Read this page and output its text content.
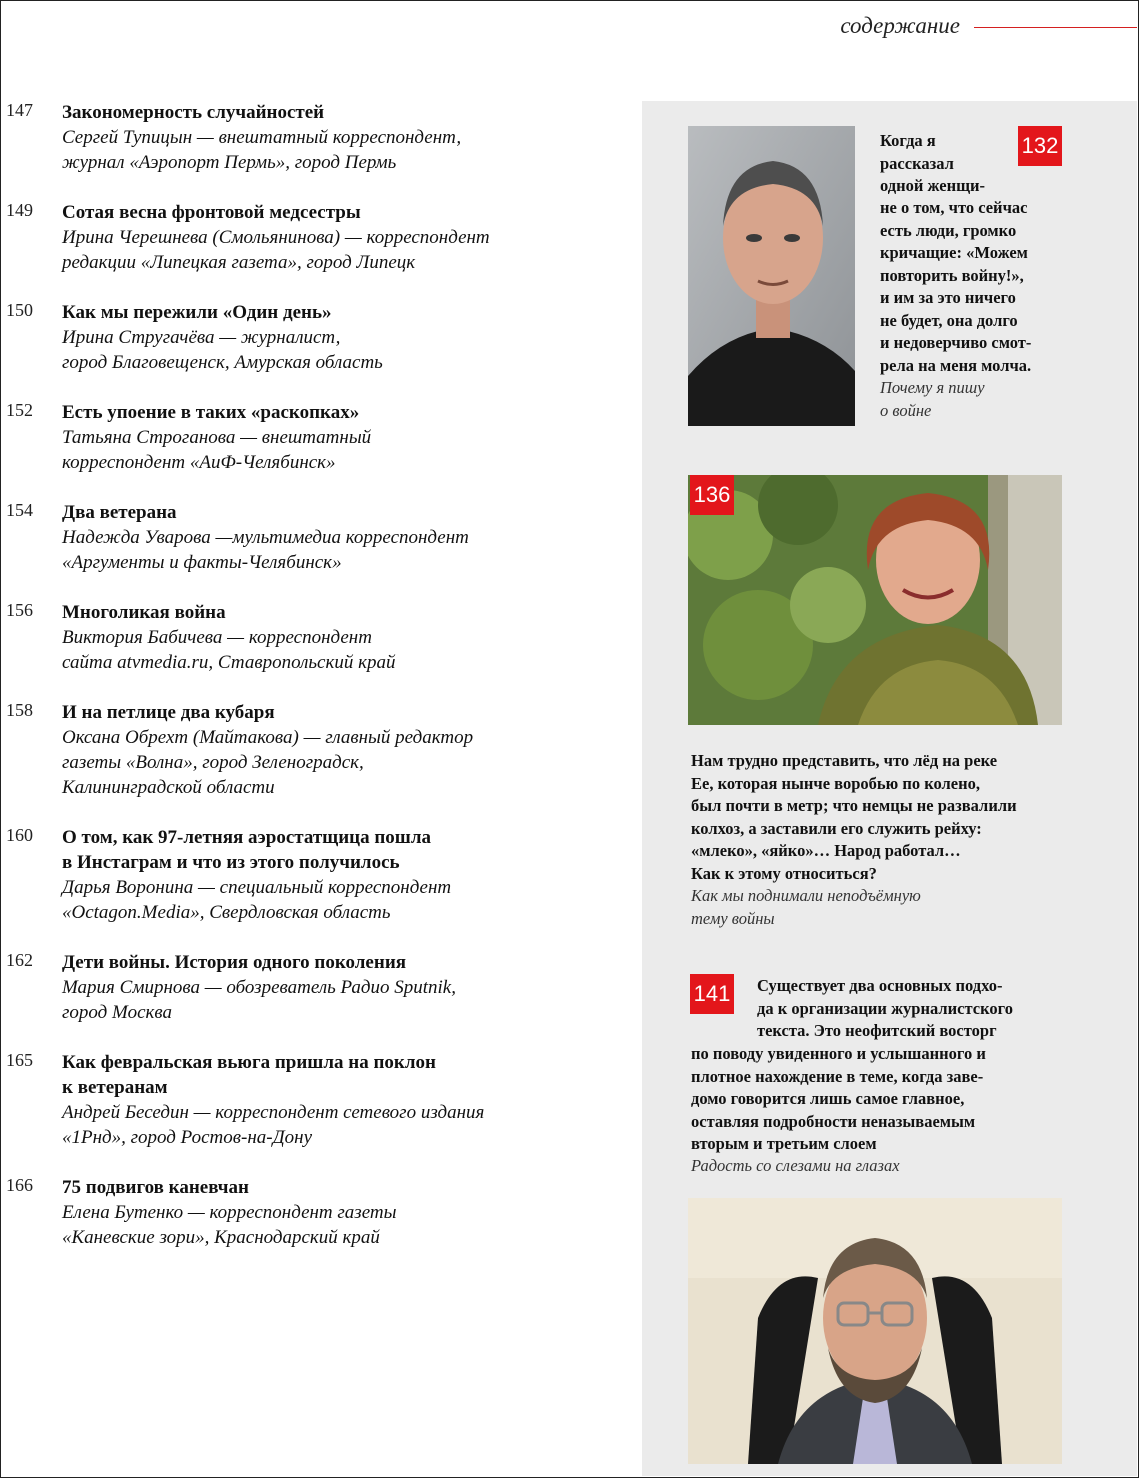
содержание
147 Закономерность случайностей
Сергей Тупицын — внештатный корреспондент,
журнал «Аэропорт Пермь», город Пермь
149 Сотая весна фронтовой медсестры
Ирина Черешнева (Смольянинова) — корреспондент
редакции «Липецкая газета», город Липецк
150 Как мы пережили «Один день»
Ирина Стругачёва — журналист,
город Благовещенск, Амурская область
152 Есть упоение в таких «раскопках»
Татьяна Строганова — внештатный
корреспондент «АиФ-Челябинск»
154 Два ветерана
Надежда Уварова —мультимедиа корреспондент
«Аргументы и факты-Челябинск»
156 Многоликая война
Виктория Бабичева — корреспондент
сайта atvmedia.ru, Ставропольский край
158 И на петлице два кубаря
Оксана Обрехт (Майтакова) — главный редактор
газеты «Волна», город Зеленоградск,
Калининградской области
160 О том, как 97-летняя аэростатщица пошла
в Инстаграм и что из этого получилось
Дарья Воронина — специальный корреспондент
«Octagon.Media», Свердловская область
162 Дети войны. История одного поколения
Мария Смирнова — обозреватель Радио Sputnik,
город Москва
165 Как февральская вьюга пришла на поклон
к ветеранам
Андрей Беседин — корреспондент сетевого издания
«1Рнд», город Ростов-на-Дону
166 75 подвигов каневчан
Елена Бутенко — корреспондент газеты
«Каневские зори», Краснодарский край
132
Когда я
рассказал
одной женщи-
не о том, что сейчас
есть люди, громко
кричащие: «Можем
повторить войну!»,
и им за это ничего
не будет, она долго
и недоверчиво смот-
рела на меня молча.
Почему я пишу
о войне
136
Нам трудно представить, что лёд на реке
Ее, которая нынче воробью по колено,
был почти в метр; что немцы не развалили
колхоз, а заставили его служить рейху:
«млеко», «яйко»… Народ работал…
Как к этому относиться?
Как мы поднимали неподъёмную
тему войны
141 Существует два основных подхо-
да к организации журналистского
текста. Это неофитский восторг
по поводу увиденного и услышанного и
плотное нахождение в теме, когда заве-
домо говорится лишь самое главное,
оставляя подробности неназываемым
вторым и третьим слоем
Радость со слезами на глазах
